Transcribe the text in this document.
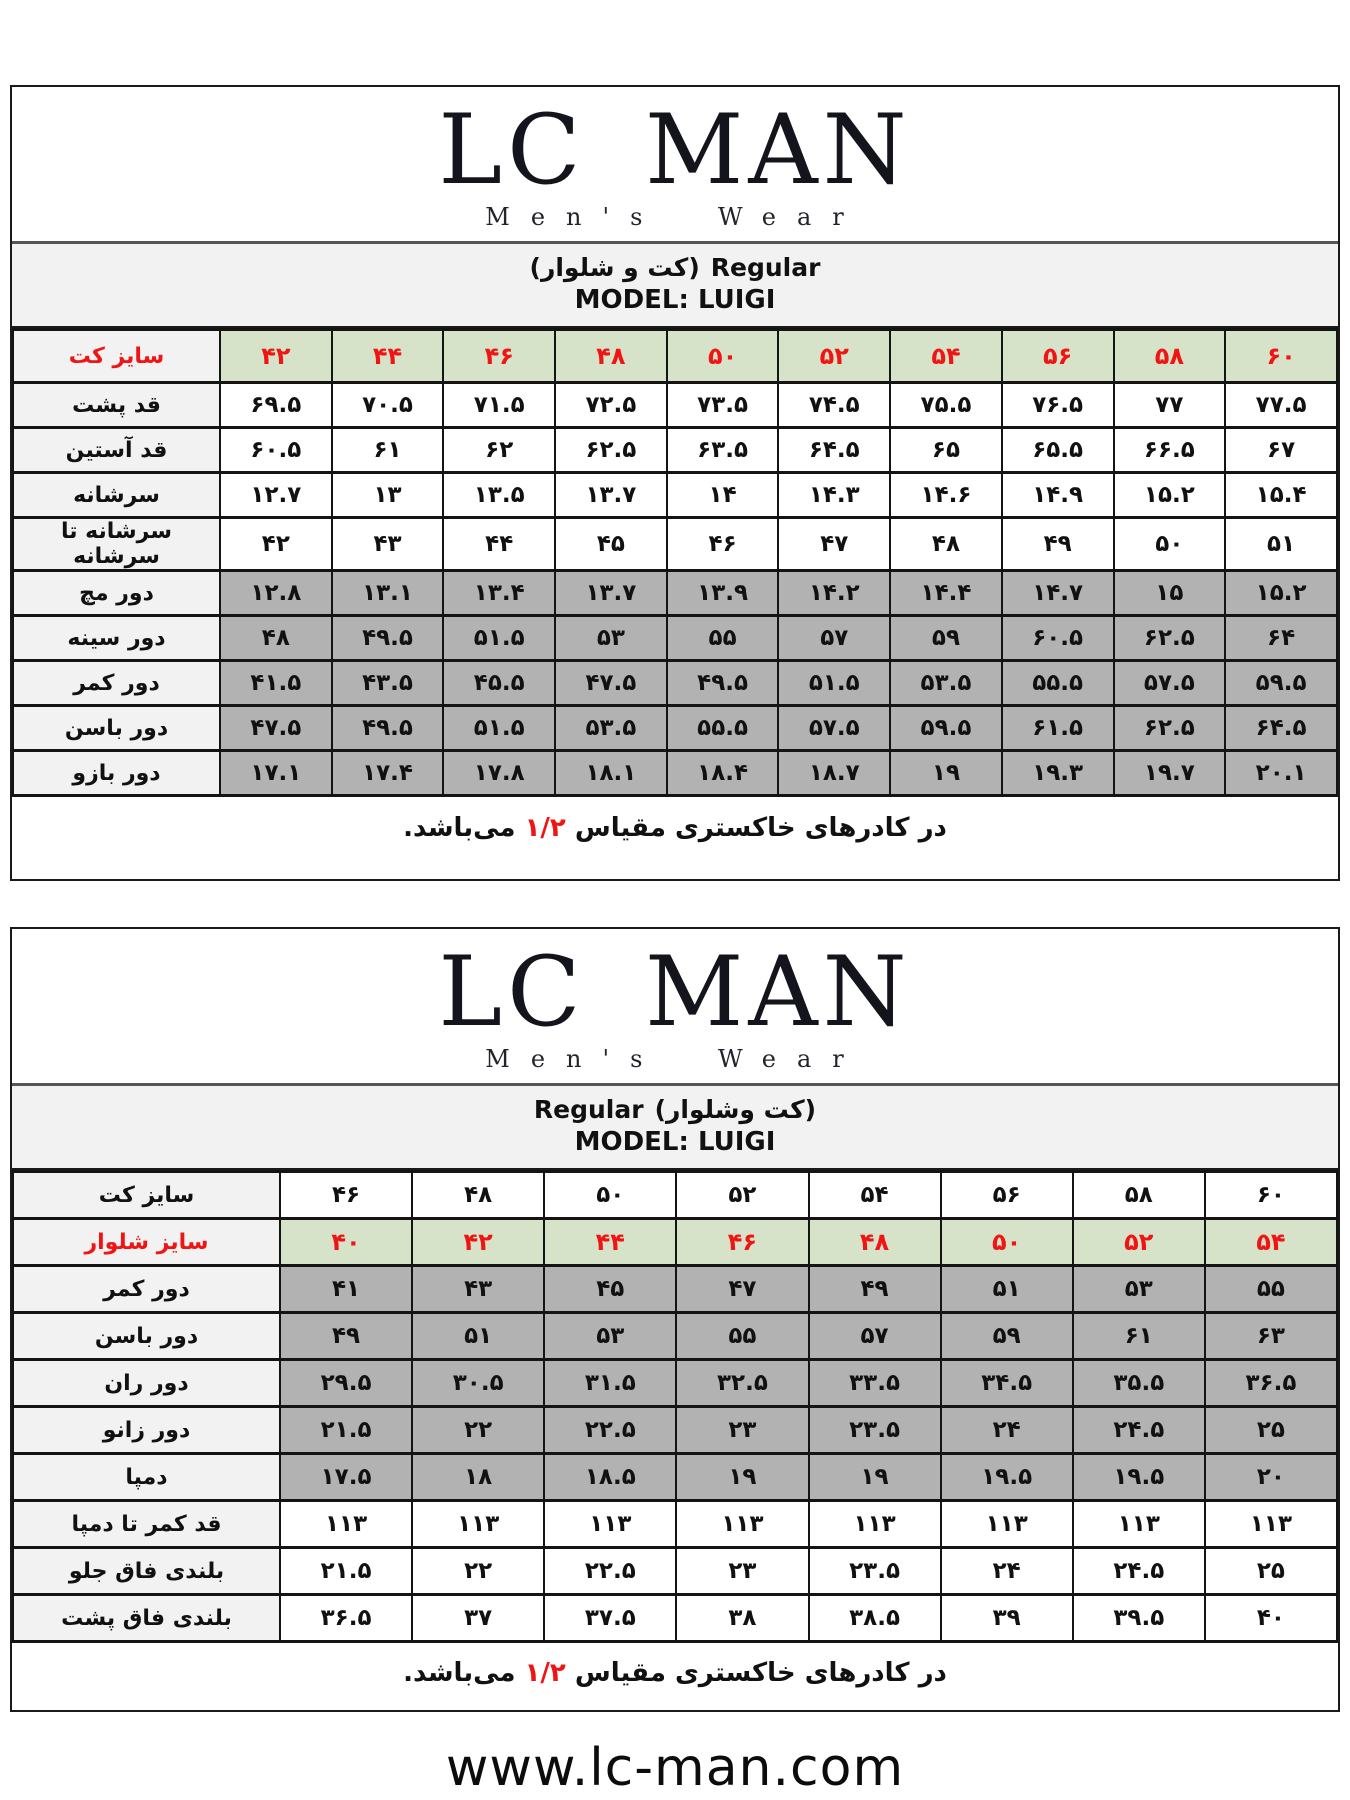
LC MAN
Men's Wear
(کت و شلوار) Regular
MODEL: LUIGI
سایز کت	۴۲	۴۴	۴۶	۴۸	۵۰	۵۲	۵۴	۵۶	۵۸	۶۰
قد پشت	۶۹.۵	۷۰.۵	۷۱.۵	۷۲.۵	۷۳.۵	۷۴.۵	۷۵.۵	۷۶.۵	۷۷	۷۷.۵
قد آستین	۶۰.۵	۶۱	۶۲	۶۲.۵	۶۳.۵	۶۴.۵	۶۵	۶۵.۵	۶۶.۵	۶۷
سرشانه	۱۲.۷	۱۳	۱۳.۵	۱۳.۷	۱۴	۱۴.۳	۱۴.۶	۱۴.۹	۱۵.۲	۱۵.۴
سرشانه تا سرشانه	۴۲	۴۳	۴۴	۴۵	۴۶	۴۷	۴۸	۴۹	۵۰	۵۱
دور مچ	۱۲.۸	۱۳.۱	۱۳.۴	۱۳.۷	۱۳.۹	۱۴.۲	۱۴.۴	۱۴.۷	۱۵	۱۵.۲
دور سینه	۴۸	۴۹.۵	۵۱.۵	۵۳	۵۵	۵۷	۵۹	۶۰.۵	۶۲.۵	۶۴
دور کمر	۴۱.۵	۴۳.۵	۴۵.۵	۴۷.۵	۴۹.۵	۵۱.۵	۵۳.۵	۵۵.۵	۵۷.۵	۵۹.۵
دور باسن	۴۷.۵	۴۹.۵	۵۱.۵	۵۳.۵	۵۵.۵	۵۷.۵	۵۹.۵	۶۱.۵	۶۲.۵	۶۴.۵
دور بازو	۱۷.۱	۱۷.۴	۱۷.۸	۱۸.۱	۱۸.۴	۱۸.۷	۱۹	۱۹.۳	۱۹.۷	۲۰.۱
در کادرهای خاکستری مقیاس ۱/۲ می‌باشد.
LC MAN
Men's Wear
Regular (کت وشلوار)
MODEL: LUIGI
سایز کت	۴۶	۴۸	۵۰	۵۲	۵۴	۵۶	۵۸	۶۰
سایز شلوار	۴۰	۴۲	۴۴	۴۶	۴۸	۵۰	۵۲	۵۴
دور کمر	۴۱	۴۳	۴۵	۴۷	۴۹	۵۱	۵۳	۵۵
دور باسن	۴۹	۵۱	۵۳	۵۵	۵۷	۵۹	۶۱	۶۳
دور ران	۲۹.۵	۳۰.۵	۳۱.۵	۳۲.۵	۳۳.۵	۳۴.۵	۳۵.۵	۳۶.۵
دور زانو	۲۱.۵	۲۲	۲۲.۵	۲۳	۲۳.۵	۲۴	۲۴.۵	۲۵
دمپا	۱۷.۵	۱۸	۱۸.۵	۱۹	۱۹	۱۹.۵	۱۹.۵	۲۰
قد کمر تا دمپا	۱۱۳	۱۱۳	۱۱۳	۱۱۳	۱۱۳	۱۱۳	۱۱۳	۱۱۳
بلندی فاق جلو	۲۱.۵	۲۲	۲۲.۵	۲۳	۲۳.۵	۲۴	۲۴.۵	۲۵
بلندی فاق پشت	۳۶.۵	۳۷	۳۷.۵	۳۸	۳۸.۵	۳۹	۳۹.۵	۴۰
در کادرهای خاکستری مقیاس ۱/۲ می‌باشد.
www.lc-man.com
